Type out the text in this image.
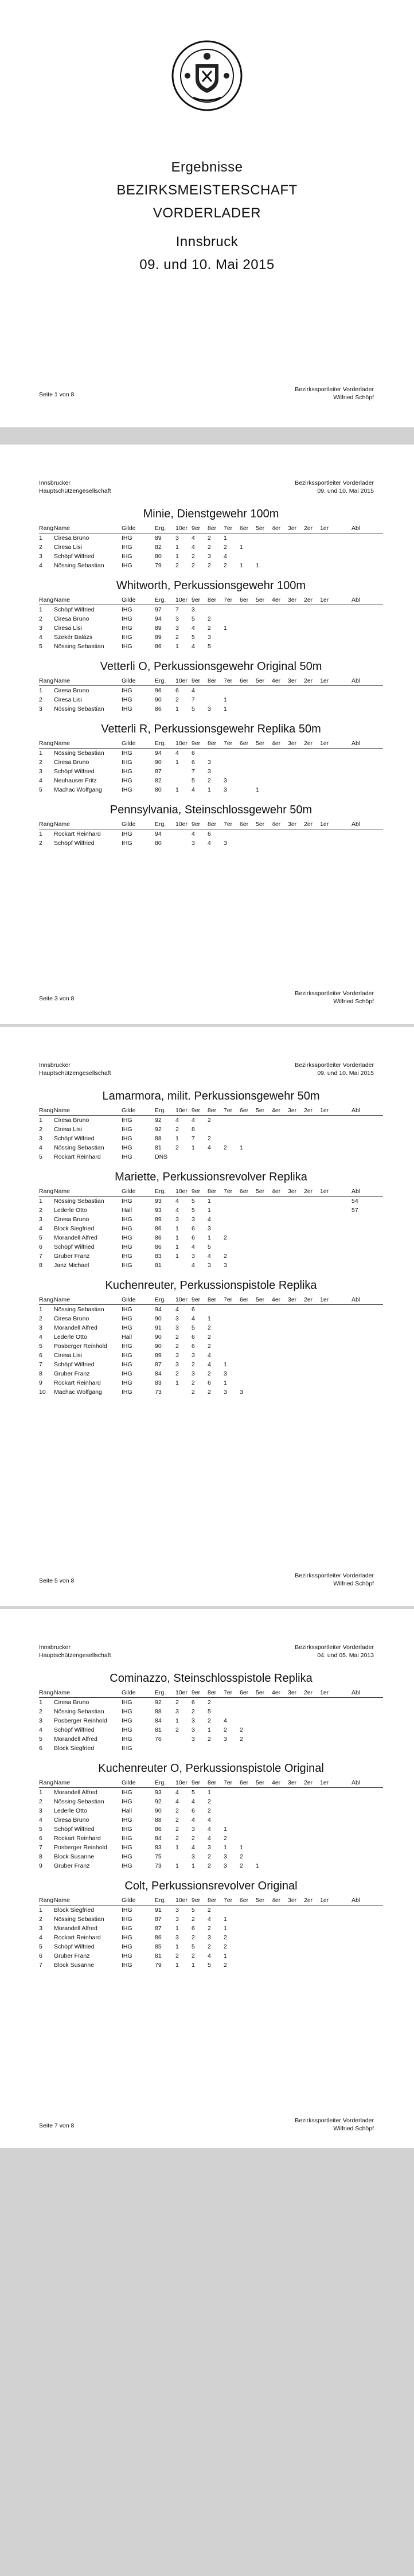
Ergebnisse
BEZIRKSMEISTERSCHAFT
VORDERLADER
Innsbruck
09. und 10. Mai 2015
Seite 1 von 8
Bezirkssportleiter Vorderlader
Wilfried Schöpf
Innsbrucker
Hauptschützengesellschaft
Bezirkssportleiter Vorderlader
09. und 10. Mai 2015
Minie, Dienstgewehr 100m
Rang	Name	Gilde	Erg.	10er	9er	8er	7er	6er	5er	4er	3er	2er	1er	Abl
1	Ciresa Bruno	IHG	89	3	4	2	1							
2	Ciresa Lisi	IHG	82	1	4	2	2	1						
3	Schöpf Wilfried	IHG	80	1	2	3	4							
4	Nössing Sebastian	IHG	79	2	2	2	2	1	1					
Whitworth, Perkussionsgewehr 100m
Rang	Name	Gilde	Erg.	10er	9er	8er	7er	6er	5er	4er	3er	2er	1er	Abl
1	Schöpf Wilfried	IHG	97	7	3									
2	Ciresa Bruno	IHG	94	3	5	2								
3	Ciresa Lisi	IHG	89	3	4	2	1							
4	Szekér Balázs	IHG	89	2	5	3								
5	Nössing Sebastian	IHG	86	1	4	5								
Vetterli O, Perkussionsgewehr Original 50m
Rang	Name	Gilde	Erg.	10er	9er	8er	7er	6er	5er	4er	3er	2er	1er	Abl
1	Ciresa Bruno	IHG	96	6	4									
2	Ciresa Lisi	IHG	90	2	7		1							
3	Nössing Sebastian	IHG	86	1	5	3	1							
Vetterli R, Perkussionsgewehr Replika 50m
Rang	Name	Gilde	Erg.	10er	9er	8er	7er	6er	5er	4er	3er	2er	1er	Abl
1	Nössing Sebastian	IHG	94	4	6									
2	Ciresa Bruno	IHG	90	1	6	3								
3	Schöpf Wilfried	IHG	87		7	3								
4	Neuhauser Fritz	IHG	82		5	2	3							
5	Machac Wolfgang	IHG	80	1	4	1	3		1					
Pennsylvania, Steinschlossgewehr 50m
Rang	Name	Gilde	Erg.	10er	9er	8er	7er	6er	5er	4er	3er	2er	1er	Abl
1	Rockart Reinhard	IHG	94		4	6								
2	Schöpf Wilfried	IHG	80		3	4	3							
Seite 3 von 8
Bezirkssportleiter Vorderlader
Wilfried Schöpf
Innsbrucker
Hauptschützengesellschaft
Bezirkssportleiter Vorderlader
09. und 10. Mai 2015
Lamarmora, milit. Perkussionsgewehr 50m
Rang	Name	Gilde	Erg.	10er	9er	8er	7er	6er	5er	4er	3er	2er	1er	Abl
1	Ciresa Bruno	IHG	92	4	4	2								
2	Ciresa Lisi	IHG	92	2	8									
3	Schöpf Wilfried	IHG	88	1	7	2								
4	Nössing Sebastian	IHG	81	2	1	4	2	1						
5	Rockart Reinhard	IHG	DNS											
Mariette, Perkussionsrevolver Replika
Rang	Name	Gilde	Erg.	10er	9er	8er	7er	6er	5er	4er	3er	2er	1er	Abl
1	Nössing Sebastian	IHG	93	4	5	1								54
2	Lederle Otto	Hall	93	4	5	1								57
3	Ciresa Bruno	IHG	89	3	3	4								
4	Block Siegfried	IHG	86	1	6	3								
5	Morandell Alfred	IHG	86	1	6	1	2							
6	Schöpf Wilfried	IHG	86	1	4	5								
7	Gruber Franz	IHG	83	1	3	4	2							
8	Janz Michael	IHG	81		4	3	3							
Kuchenreuter, Perkussionspistole Replika
Rang	Name	Gilde	Erg.	10er	9er	8er	7er	6er	5er	4er	3er	2er	1er	Abl
1	Nössing Sebastian	IHG	94	4	6									
2	Ciresa Bruno	IHG	90	3	4	1								
3	Morandell Alfred	IHG	91	3	5	2								
4	Lederle Otto	Hall	90	2	6	2								
5	Posberger Reinhold	IHG	90	2	6	2								
6	Ciresa Lisi	IHG	89	3	3	4								
7	Schöpf Wilfried	IHG	87	3	2	4	1							
8	Gruber Franz	IHG	84	2	3	2	3							
9	Rockart Reinhard	IHG	83	1	2	6	1							
10	Machac Wolfgang	IHG	73		2	2	3	3						
Seite 5 von 8
Bezirkssportleiter Vorderlader
Wilfried Schöpf
Innsbrucker
Hauptschützengesellschaft
Bezirkssportleiter Vorderlader
04. und 05. Mai 2013
Cominazzo, Steinschlosspistole Replika
Rang	Name	Gilde	Erg.	10er	9er	8er	7er	6er	5er	4er	3er	2er	1er	Abl
1	Ciresa Bruno	IHG	92	2	6	2								
2	Nössing Sebastian	IHG	88	3	2	5								
3	Posberger Reinhold	IHG	84	1	3	2	4							
4	Schöpf Wilfried	IHG	81	2	3	1	2	2						
5	Morandell Alfred	IHG	76		3	2	3	2						
6	Block Siegfried	IHG												
Kuchenreuter O, Perkussionspistole Original
Rang	Name	Gilde	Erg.	10er	9er	8er	7er	6er	5er	4er	3er	2er	1er	Abl
1	Morandell Alfred	IHG	93	4	5	1								
2	Nössing Sebastian	IHG	92	4	4	2								
3	Lederle Otto	Hall	90	2	6	2								
4	Ciresa Bruno	IHG	88	2	4	4								
5	Schöpf Wilfried	IHG	86	2	3	4	1							
6	Rockart Reinhard	IHG	84	2	2	4	2							
7	Posberger Reinhold	IHG	83	1	4	3	1	1						
8	Block Susanne	IHG	75		3	2	3	2						
9	Gruber Franz	IHG	73	1	1	2	3	2	1					
Colt, Perkussionsrevolver Original
Rang	Name	Gilde	Erg.	10er	9er	8er	7er	6er	5er	4er	3er	2er	1er	Abl
1	Block Siegfried	IHG	91	3	5	2								
2	Nössing Sebastian	IHG	87	3	2	4	1							
3	Morandell Alfred	IHG	87	1	6	2	1							
4	Rockart Reinhard	IHG	86	3	2	3	2							
5	Schöpf Wilfried	IHG	85	1	5	2	2							
6	Gruber Franz	IHG	81	2	2	4	1							
7	Block Susanne	IHG	79	1	1	5	2							
Seite 7 von 8
Bezirkssportleiter Vorderlader
Wilfried Schöpf
